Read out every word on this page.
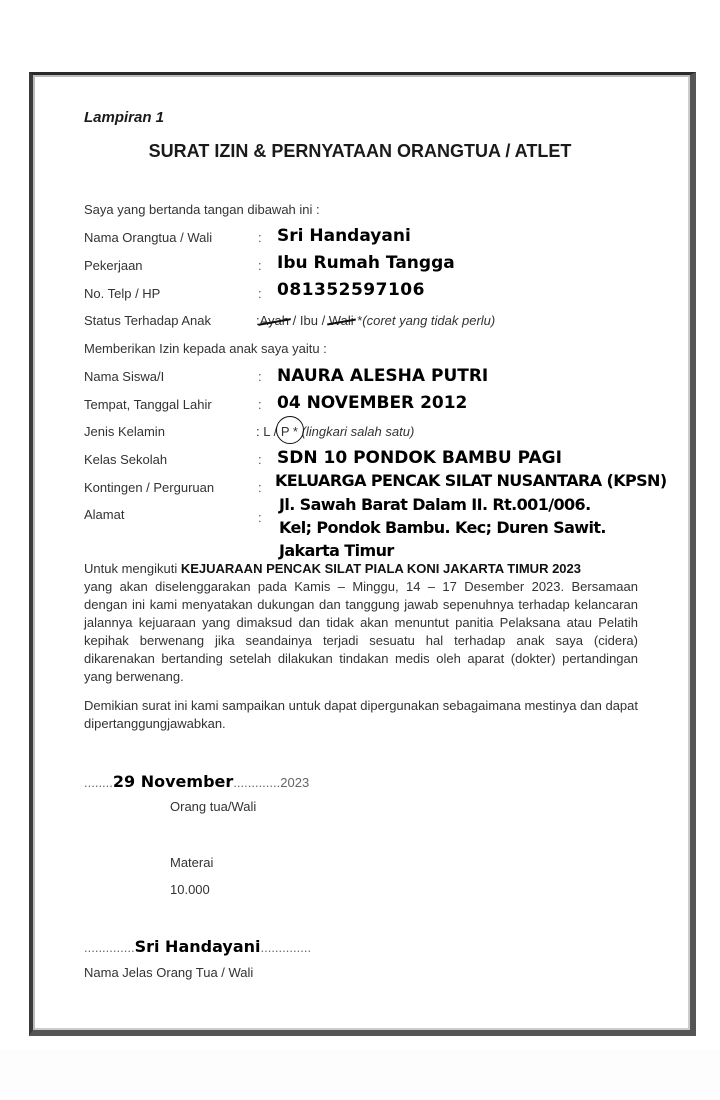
Lampiran 1
SURAT IZIN & PERNYATAAN ORANGTUA / ATLET
Saya yang bertanda tangan dibawah ini :
Nama Orangtua / Wali	: Sri Handayani
Pekerjaan	: Ibu Rumah Tangga
No. Telp / HP	: 081352597106
Status Terhadap Anak	:Ayah / Ibu / Wali *(coret yang tidak perlu)
Memberikan Izin kepada anak saya yaitu :
Nama Siswa/I	: NAURA ALESHA PUTRI
Tempat, Tanggal Lahir	: 04 NOVEMBER 2012
Jenis Kelamin	: L / P * (lingkari salah satu)
Kelas Sekolah	: SDN 10 PONDOK BAMBU PAGI
Kontingen / Perguruan	: KELUARGA PENCAK SILAT NUSANTARA (KPSN)
Alamat	:
Jl. Sawah Barat Dalam II. Rt.001/006.
Kel; Pondok Bambu. Kec; Duren Sawit.
Jakarta Timur
Untuk mengikuti KEJUARAAN PENCAK SILAT PIALA KONI JAKARTA TIMUR 2023
yang akan diselenggarakan pada Kamis – Minggu, 14 – 17 Desember 2023. Bersamaan dengan ini kami menyatakan dukungan dan tanggung jawab sepenuhnya terhadap kelancaran jalannya kejuaraan yang dimaksud dan tidak akan menuntut panitia Pelaksana atau Pelatih kepihak berwenang jika seandainya terjadi sesuatu hal terhadap anak saya (cidera) dikarenakan bertanding setelah dilakukan tindakan medis oleh aparat (dokter) pertandingan yang berwenang.
Demikian surat ini kami sampaikan untuk dapat dipergunakan sebagaimana mestinya dan dapat dipertanggungjawabkan.
........29 November.............2023
Orang tua/Wali
Materai
10.000
..............Sri Handayani..............
Nama Jelas Orang Tua / Wali
